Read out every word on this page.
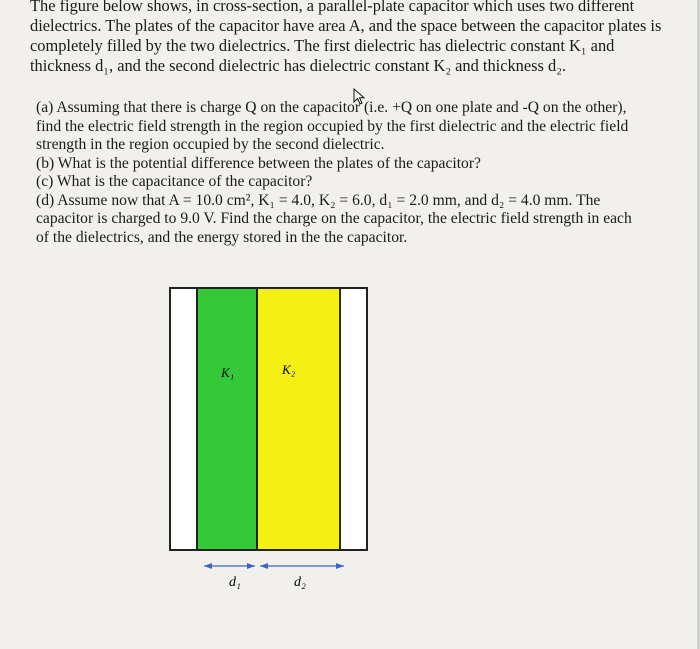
The figure below shows, in cross-section, a parallel-plate capacitor which uses two different

dielectrics. The plates of the capacitor have area A, and the space between the capacitor plates is

completely filled by the two dielectrics. The first dielectric has dielectric constant K₁ and

thickness d₁, and the second dielectric has dielectric constant K₂ and thickness d₂.

(a) Assuming that there is charge Q on the capacitor (i.e. +Q on one plate and -Q on the other),

find the electric field strength in the region occupied by the first dielectric and the electric field

strength in the region occupied by the second dielectric.

(b) What is the potential difference between the plates of the capacitor?

(c) What is the capacitance of the capacitor?

(d) Assume now that A = 10.0 cm², K₁ = 4.0, K₂ = 6.0, d₁ = 2.0 mm, and d₂ = 4.0 mm. The

capacitor is charged to 9.0 V. Find the charge on the capacitor, the electric field strength in each

of the dielectrics, and the energy stored in the the capacitor.

K₁	K₂
d₁	d₂
